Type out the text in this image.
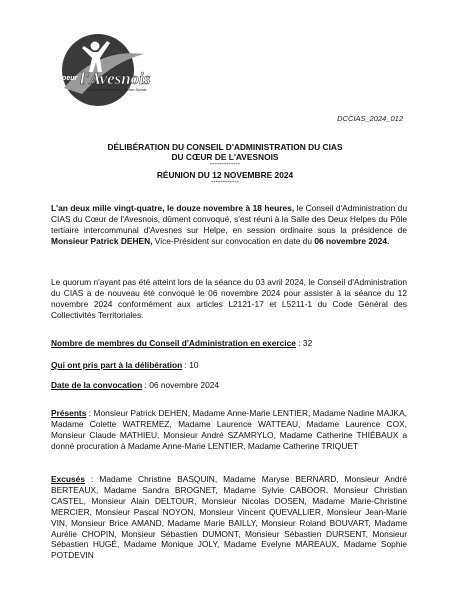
Coeur l'Avesnois
Centre Intercommunal d'Action Sociale
DCCIAS_2024_012
DÉLIBÉRATION DU CONSEIL D'ADMINISTRATION DU CIAS
DU CŒUR DE L'AVESNOIS
-------------
RÉUNION DU 12 NOVEMBRE 2024
------------

L'an deux mille vingt-quatre, le douze novembre à 18 heures, le Conseil d'Administration du CIAS du Cœur de l'Avesnois, dûment convoqué, s'est réuni à la Salle des Deux Helpes du Pôle tertiaire intercommunal d'Avesnes sur Helpe, en session ordinaire sous la présidence de Monsieur Patrick DEHEN, Vice-Président sur convocation en date du 06 novembre 2024.

Le quorum n'ayant pas été atteint lors de la séance du 03 avril 2024, le Conseil d'Administration du CIAS a de nouveau été convoqué le 06 novembre 2024 pour assister à la séance du 12 novembre 2024 conformément aux articles L2121-17 et L5211-1 du Code Général des Collectivités Territoriales.

Nombre de membres du Conseil d'Administration en exercice : 32
Qui ont pris part à la délibération : 10
Date de la convocation : 06 novembre 2024

Présents : Monsieur Patrick DEHEN, Madame Anne-Marie LENTIER, Madame Nadine MAJKA, Madame Colette WATREMEZ, Madame Laurence WATTEAU, Madame Laurence COX, Monsieur Claude MATHIEU, Monsieur André SZAMRYLO, Madame Catherine THIÉBAUX a donné procuration à Madame Anne-Marie LENTIER, Madame Catherine TRIQUET

Excusés : Madame Christine BASQUIN, Madame Maryse BERNARD, Monsieur André BERTEAUX, Madame Sandra BROGNET, Madame Sylvie CABOOR, Monsieur Christian CASTEL, Monsieur Alain DELTOUR, Monsieur Nicolas DOSEN, Madame Marie-Christine MERCIER, Monsieur Pascal NOYON, Monsieur Vincent QUEVALLIER, Monsieur Jean-Marie VIN, Monsieur Brice AMAND, Madame Marie BAILLY, Monsieur Roland BOUVART, Madame Aurélie CHOPIN, Monsieur Sébastien DUMONT, Monsieur Sébastien DURSENT, Monsieur Sébastien HUGÉ, Madame Monique JOLY, Madame Evelyne MAREAUX, Madame Sophie POTDEVIN
